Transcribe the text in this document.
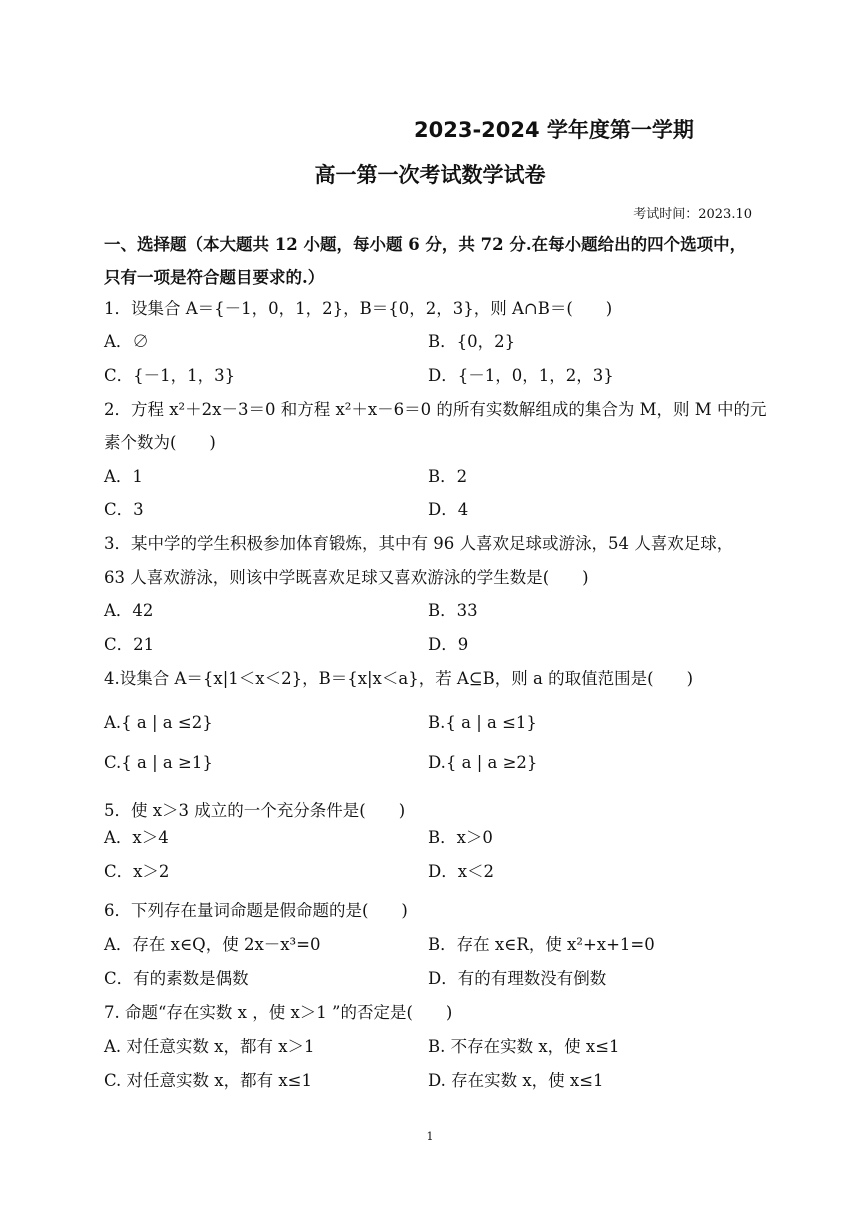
2023-2024 学年度第一学期
高一第一次考试数学试卷
考试时间：2023.10
一、选择题（本大题共 12 小题，每小题 6 分，共 72 分.在每小题给出的四个选项中，
只有一项是符合题目要求的.）
1．设集合 A＝{－1，0，1，2}，B＝{0，2，3}，则 A∩B＝(　　)
A．∅	B．{0，2}
C．{－1，1，3}	D．{－1，0，1，2，3}
2．方程 x²＋2x－3＝0 和方程 x²＋x－6＝0 的所有实数解组成的集合为 M，则 M 中的元
素个数为(　　)
A．1	B．2
C．3	D．4
3．某中学的学生积极参加体育锻炼，其中有 96 人喜欢足球或游泳，54 人喜欢足球，
63 人喜欢游泳，则该中学既喜欢足球又喜欢游泳的学生数是(　　)
A．42	B．33
C．21	D．9
4.设集合 A＝{x|1＜x＜2}，B＝{x|x＜a}，若 A⊆B，则 a 的取值范围是(　　)
A.{ a | a ≤2}	B.{ a | a ≤1}
C.{ a | a ≥1}	D.{ a | a ≥2}
5．使 x＞3 成立的一个充分条件是(　　)
A．x＞4	B．x＞0
C．x＞2	D．x＜2
6．下列存在量词命题是假命题的是(　　)
A．存在 x∈Q，使 2x－x³=0	B．存在 x∈R，使 x²+x+1=0
C．有的素数是偶数	D．有的有理数没有倒数
7. 命题“存在实数 x ，使 x＞1 ”的否定是(　　)
A. 对任意实数 x，都有 x＞1	B. 不存在实数 x，使 x≤1
C. 对任意实数 x，都有 x≤1	D. 存在实数 x，使 x≤1
1
